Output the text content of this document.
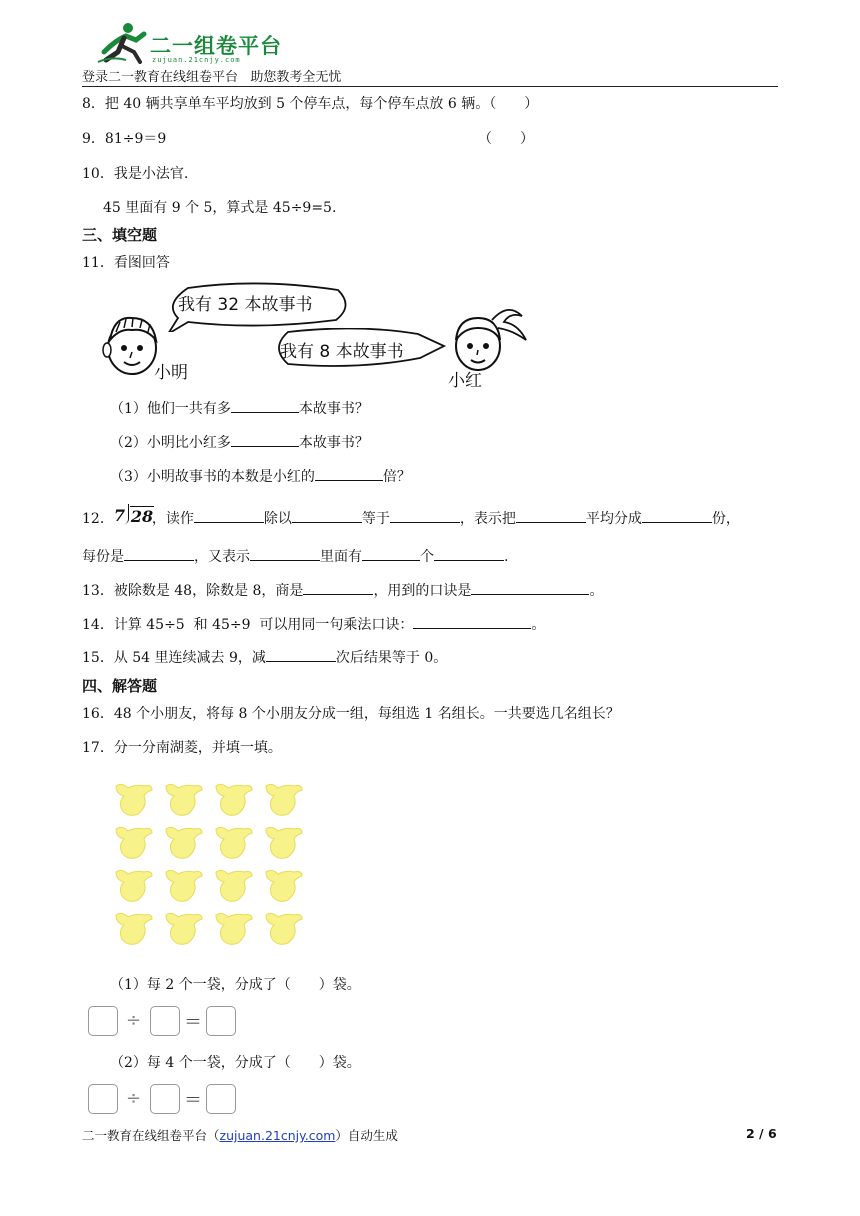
二一组卷平台
zujuan.21cnjy.com
登录二一教育在线组卷平台   助您教考全无忧
8．把 40 辆共享单车平均放到 5 个停车点，每个停车点放 6 辆。（　　）
9．81÷9＝9	（　　）
10．我是小法官.
45 里面有 9 个 5，算式是 45÷9=5.
三、填空题
11．看图回答
我有 32 本故事书
我有 8 本故事书
小明	小红
（1）他们一共有多	本故事书？
（2）小明比小红多	本故事书？
（3）小明故事书的本数是小红的	倍？
12． 7 28
，读作	除以	等于	，表示把	平均分成	份，
每份是	，又表示	里面有	个	.
13．被除数是 48，除数是 8，商是	，用到的口诀是	。
14．计算 45÷5  和 45÷9  可以用同一句乘法口诀：	。
15．从 54 里连续减去 9，减	次后结果等于 0。
四、解答题
16．48 个小朋友，将每 8 个小朋友分成一组，每组选 1 名组长。一共要选几名组长？
17．分一分南湖菱，并填一填。
（1）每 2 个一袋，分成了（　　）袋。
÷ ＝
（2）每 4 个一袋，分成了（　　）袋。
÷ ＝
二一教育在线组卷平台（zujuan.21cnjy.com）自动生成	2 / 6
